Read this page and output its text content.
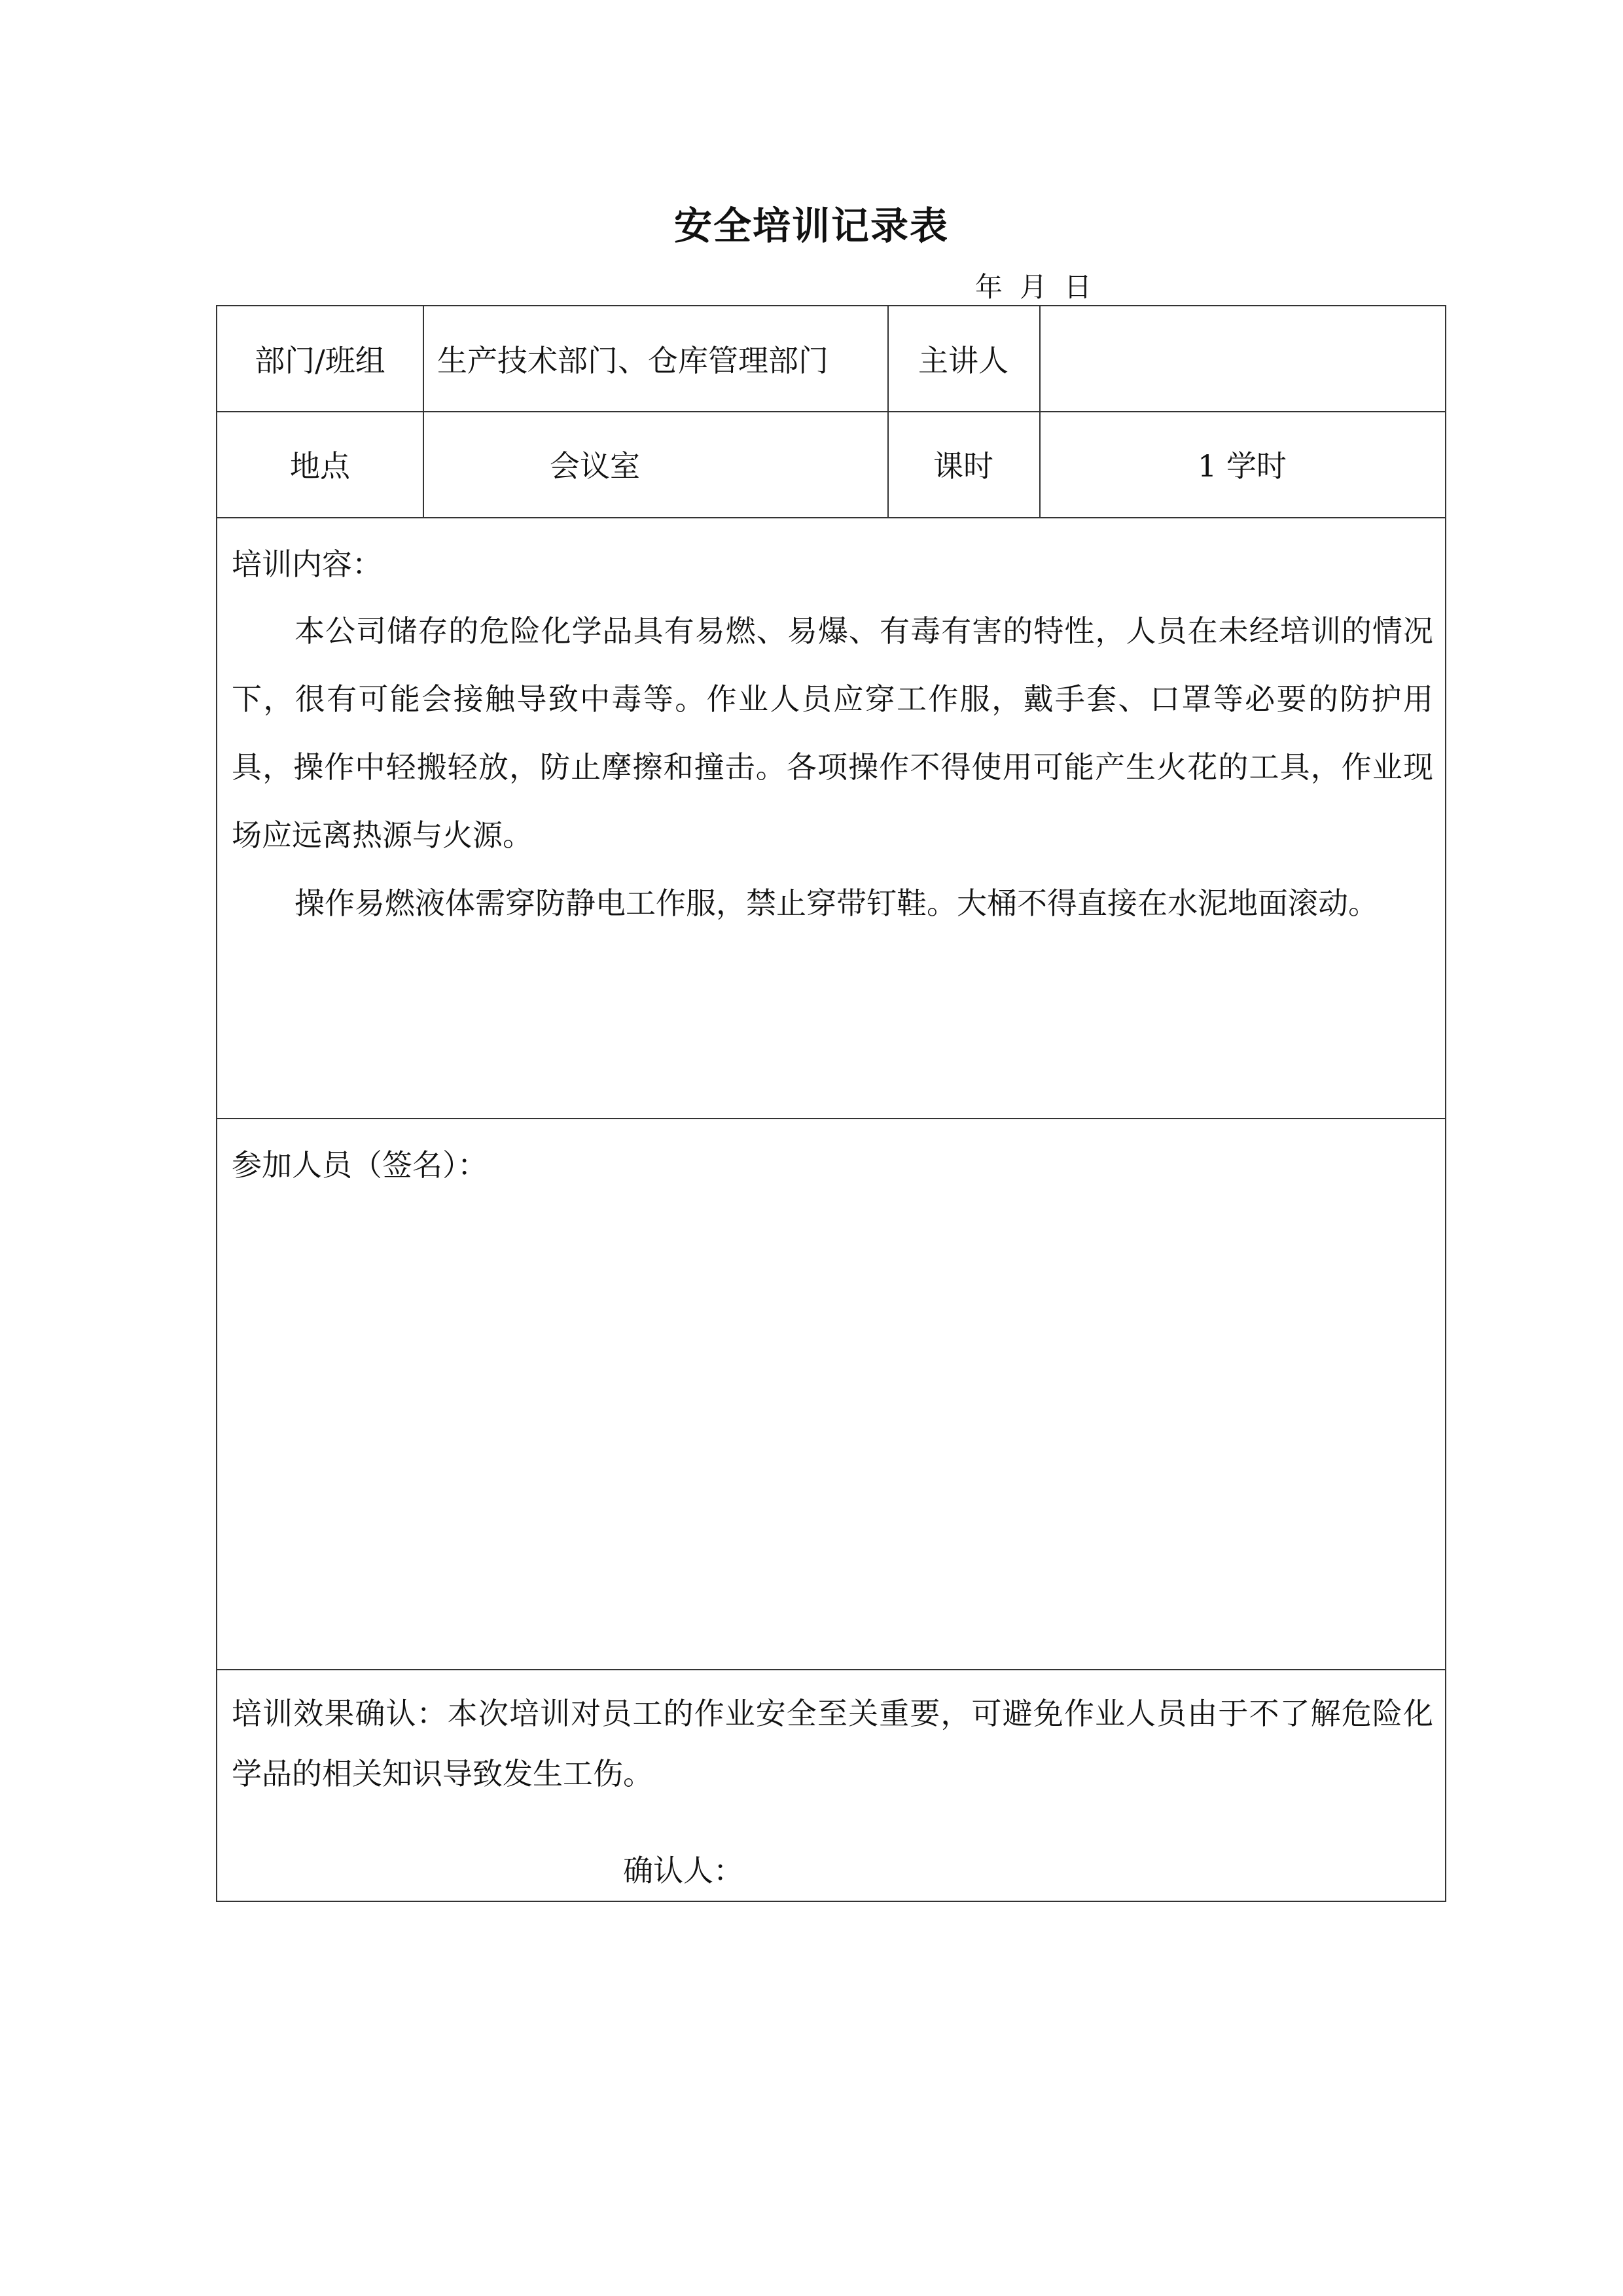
安全培训记录表
年 月 日
部门/班组	生产技术部门、仓库管理部门	主讲人
地点	会议室	课时	1 学时
培训内容：

本公司储存的危险化学品具有易燃、易爆、有毒有害的特性，人员在未经培训的情况下，很有可能会接触导致中毒等。作业人员应穿工作服，戴手套、口罩等必要的防护用具，操作中轻搬轻放，防止摩擦和撞击。各项操作不得使用可能产生火花的工具，作业现场应远离热源与火源。

操作易燃液体需穿防静电工作服，禁止穿带钉鞋。大桶不得直接在水泥地面滚动。

参加人员（签名）：

培训效果确认：本次培训对员工的作业安全至关重要，可避免作业人员由于不了解危险化学品的相关知识导致发生工伤。

确认人：
